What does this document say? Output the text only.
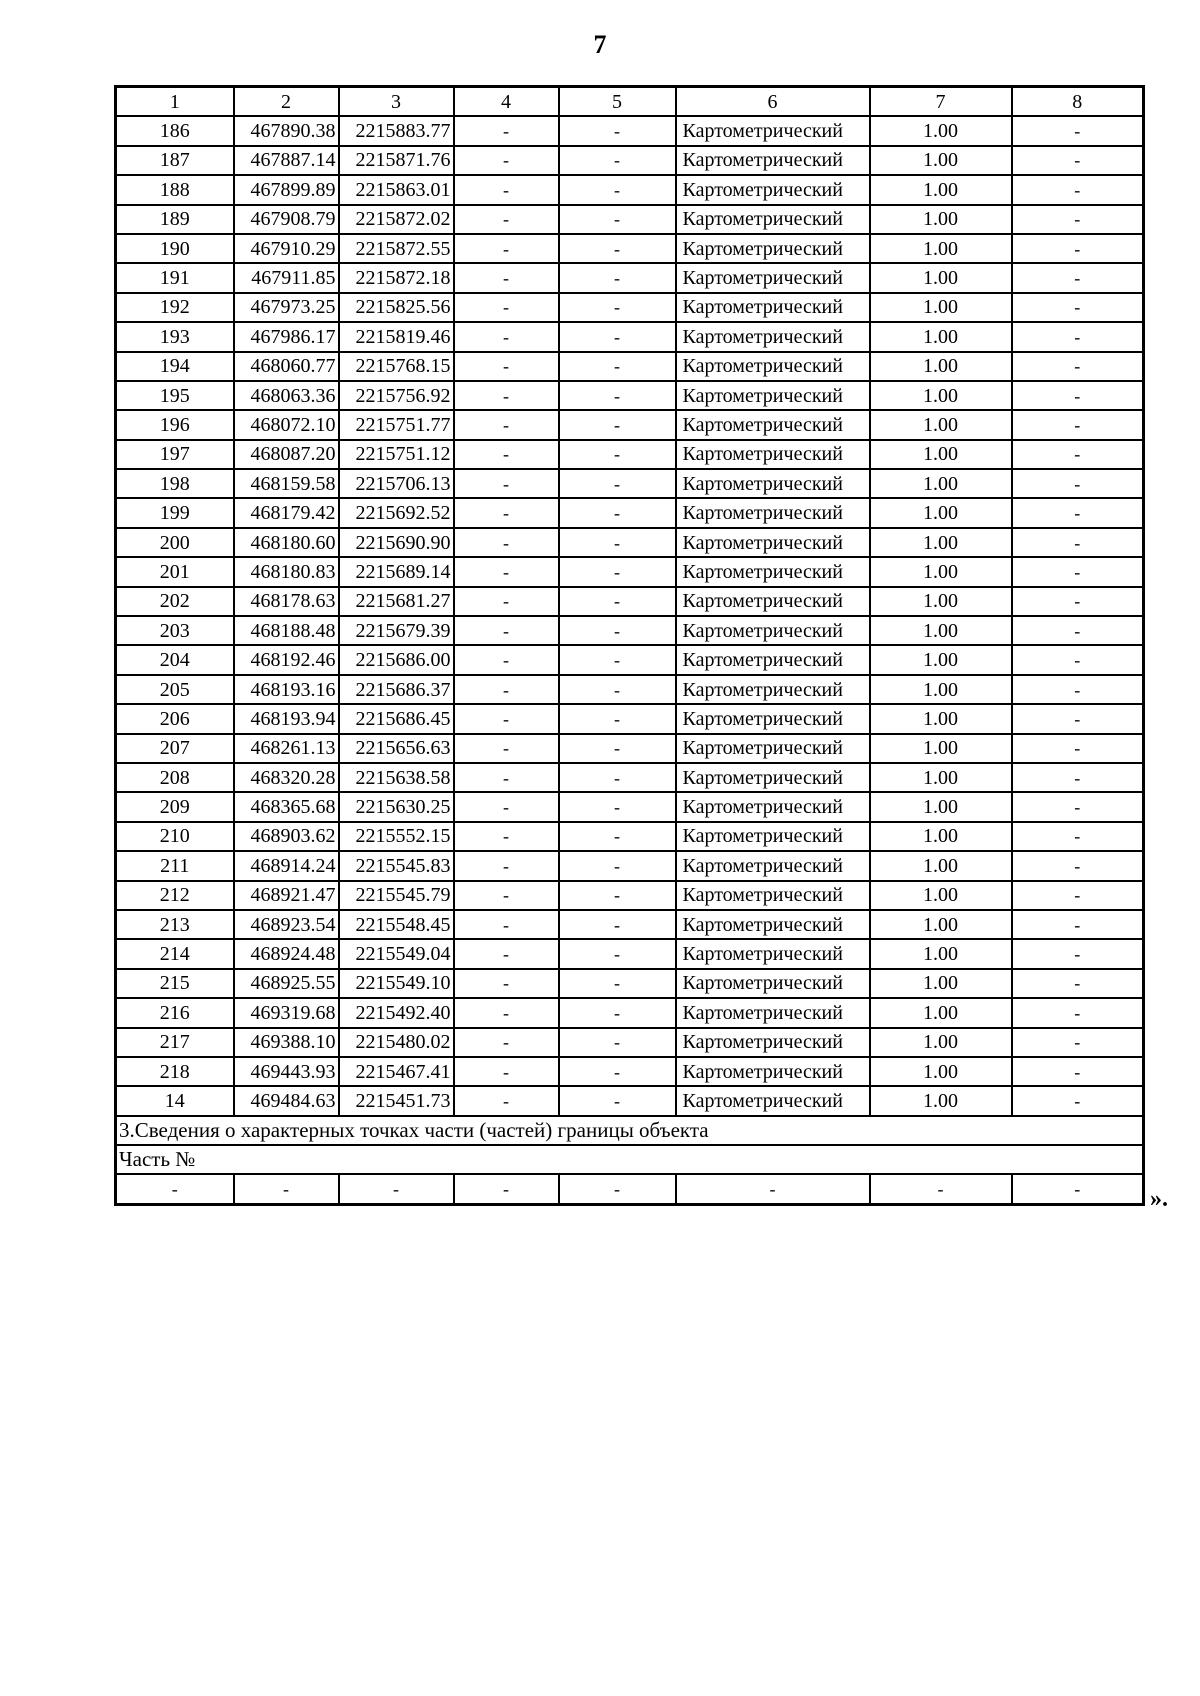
7
1	2	3	4	5	6	7	8
186	467890.38	2215883.77	-	-	Картометрический	1.00	-
187	467887.14	2215871.76	-	-	Картометрический	1.00	-
188	467899.89	2215863.01	-	-	Картометрический	1.00	-
189	467908.79	2215872.02	-	-	Картометрический	1.00	-
190	467910.29	2215872.55	-	-	Картометрический	1.00	-
191	467911.85	2215872.18	-	-	Картометрический	1.00	-
192	467973.25	2215825.56	-	-	Картометрический	1.00	-
193	467986.17	2215819.46	-	-	Картометрический	1.00	-
194	468060.77	2215768.15	-	-	Картометрический	1.00	-
195	468063.36	2215756.92	-	-	Картометрический	1.00	-
196	468072.10	2215751.77	-	-	Картометрический	1.00	-
197	468087.20	2215751.12	-	-	Картометрический	1.00	-
198	468159.58	2215706.13	-	-	Картометрический	1.00	-
199	468179.42	2215692.52	-	-	Картометрический	1.00	-
200	468180.60	2215690.90	-	-	Картометрический	1.00	-
201	468180.83	2215689.14	-	-	Картометрический	1.00	-
202	468178.63	2215681.27	-	-	Картометрический	1.00	-
203	468188.48	2215679.39	-	-	Картометрический	1.00	-
204	468192.46	2215686.00	-	-	Картометрический	1.00	-
205	468193.16	2215686.37	-	-	Картометрический	1.00	-
206	468193.94	2215686.45	-	-	Картометрический	1.00	-
207	468261.13	2215656.63	-	-	Картометрический	1.00	-
208	468320.28	2215638.58	-	-	Картометрический	1.00	-
209	468365.68	2215630.25	-	-	Картометрический	1.00	-
210	468903.62	2215552.15	-	-	Картометрический	1.00	-
211	468914.24	2215545.83	-	-	Картометрический	1.00	-
212	468921.47	2215545.79	-	-	Картометрический	1.00	-
213	468923.54	2215548.45	-	-	Картометрический	1.00	-
214	468924.48	2215549.04	-	-	Картометрический	1.00	-
215	468925.55	2215549.10	-	-	Картометрический	1.00	-
216	469319.68	2215492.40	-	-	Картометрический	1.00	-
217	469388.10	2215480.02	-	-	Картометрический	1.00	-
218	469443.93	2215467.41	-	-	Картометрический	1.00	-
14	469484.63	2215451.73	-	-	Картометрический	1.00	-
3.Сведения о характерных точках части (частей) границы объекта							
Часть №							
-	-	-	-	-	-	-	-	».
